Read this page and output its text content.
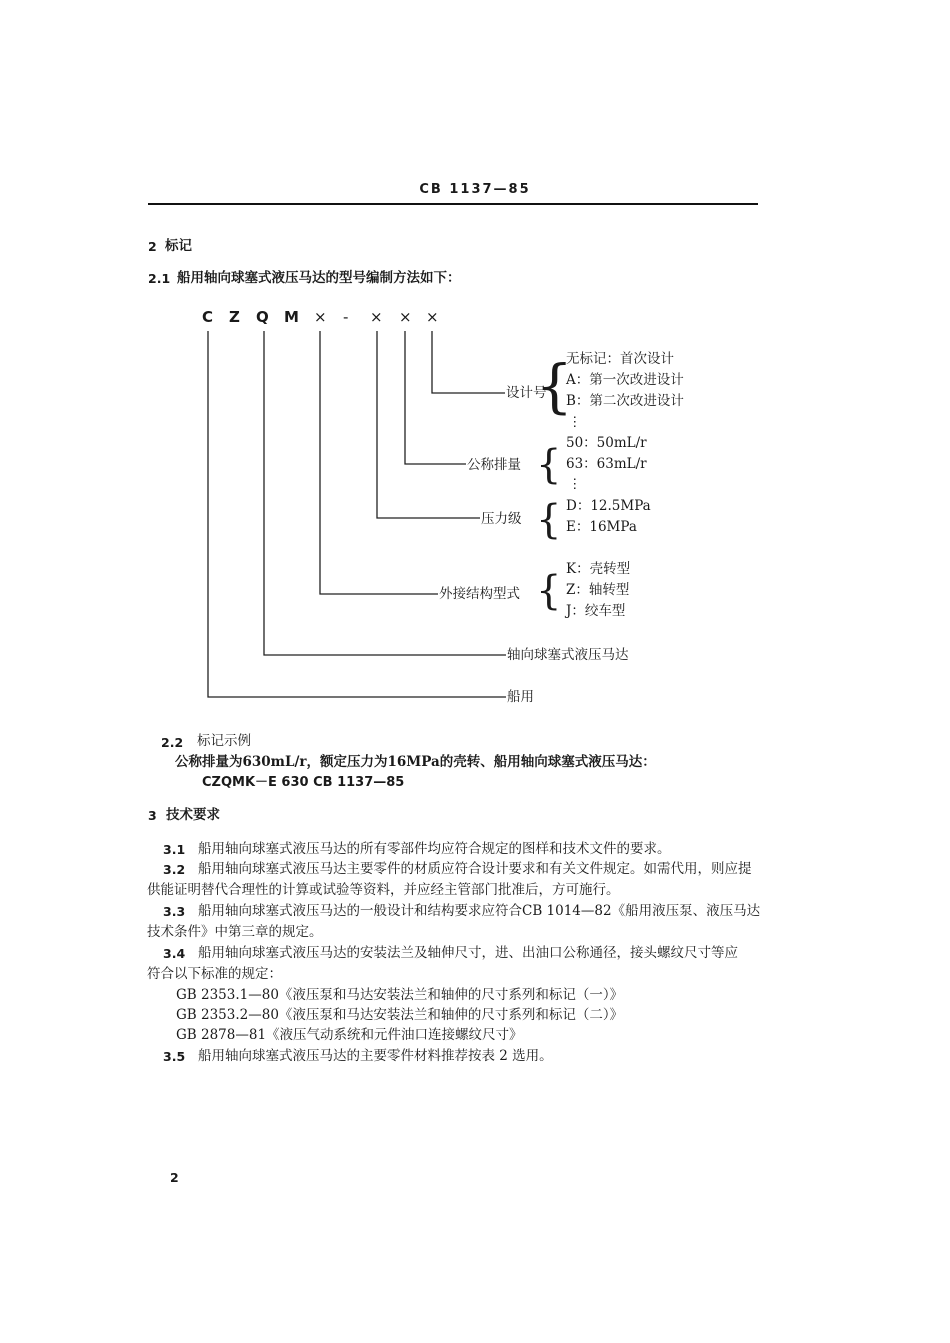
CB 1137—85
2 标记
2.1 船用轴向球塞式液压马达的型号编制方法如下：
C Z Q M × - × × ×
设计号
{
无标记：首次设计
A：第一次改进设计
B：第二次改进设计
⋮
公称排量 { 50：50mL/r
63：63mL/r
⋮
压力级 { D：12.5MPa
E：16MPa
外接结构型式 { K：壳转型
Z：轴转型
J：绞车型
轴向球塞式液压马达
船用
2.2 标记示例
公称排量为630mL/r，额定压力为16MPa的壳转、船用轴向球塞式液压马达：
CZQMK－E 630 CB 1137—85
3 技术要求
3.1 船用轴向球塞式液压马达的所有零部件均应符合规定的图样和技术文件的要求。
3.2 船用轴向球塞式液压马达主要零件的材质应符合设计要求和有关文件规定。如需代用，则应提
供能证明替代合理性的计算或试验等资料，并应经主管部门批准后，方可施行。
3.3 船用轴向球塞式液压马达的一般设计和结构要求应符合CB 1014—82《船用液压泵、液压马达
技术条件》中第三章的规定。
3.4 船用轴向球塞式液压马达的安装法兰及轴伸尺寸，进、出油口公称通径，接头螺纹尺寸等应
符合以下标准的规定：
GB 2353.1—80《液压泵和马达安装法兰和轴伸的尺寸系列和标记（一）》
GB 2353.2—80《液压泵和马达安装法兰和轴伸的尺寸系列和标记（二）》
GB 2878—81《液压气动系统和元件油口连接螺纹尺寸》
3.5 船用轴向球塞式液压马达的主要零件材料推荐按表 2 选用。
2
